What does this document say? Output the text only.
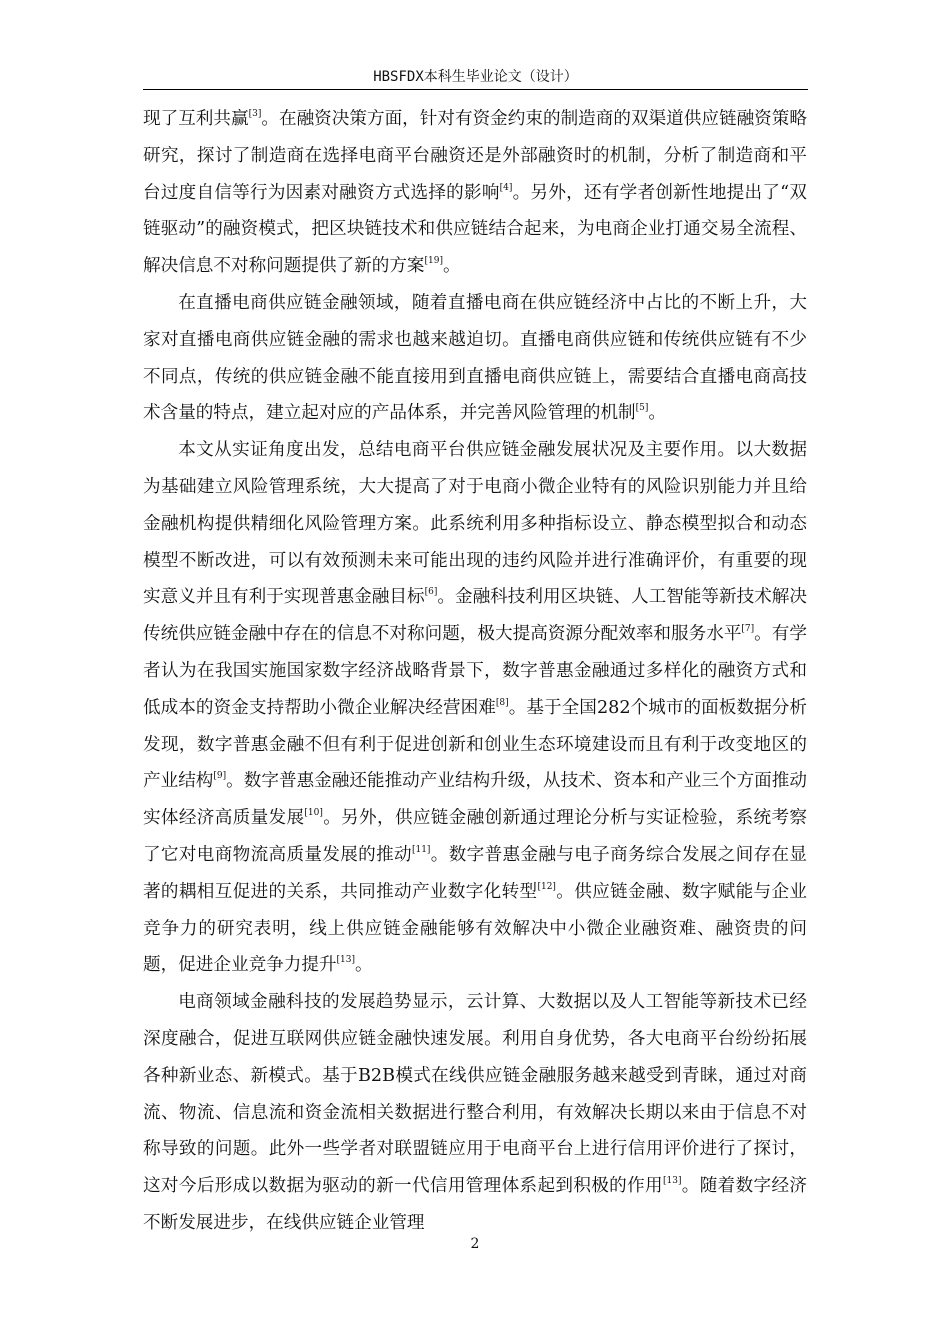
HBSFDX本科生毕业论文（设计）

现了互利共赢[3]。在融资决策方面，针对有资金约束的制造商的双渠道供应链融资策略研究，探讨了制造商在选择电商平台融资还是外部融资时的机制，分析了制造商和平台过度自信等行为因素对融资方式选择的影响[4]。另外，还有学者创新性地提出了“双链驱动”的融资模式，把区块链技术和供应链结合起来，为电商企业打通交易全流程、解决信息不对称问题提供了新的方案[19]。

在直播电商供应链金融领域，随着直播电商在供应链经济中占比的不断上升，大家对直播电商供应链金融的需求也越来越迫切。直播电商供应链和传统供应链有不少不同点，传统的供应链金融不能直接用到直播电商供应链上，需要结合直播电商高技术含量的特点，建立起对应的产品体系，并完善风险管理的机制[5]。

本文从实证角度出发，总结电商平台供应链金融发展状况及主要作用。以大数据为基础建立风险管理系统，大大提高了对于电商小微企业特有的风险识别能力并且给金融机构提供精细化风险管理方案。此系统利用多种指标设立、静态模型拟合和动态模型不断改进，可以有效预测未来可能出现的违约风险并进行准确评价，有重要的现实意义并且有利于实现普惠金融目标[6]。金融科技利用区块链、人工智能等新技术解决传统供应链金融中存在的信息不对称问题，极大提高资源分配效率和服务水平[7]。有学者认为在我国实施国家数字经济战略背景下，数字普惠金融通过多样化的融资方式和低成本的资金支持帮助小微企业解决经营困难[8]。基于全国282个城市的面板数据分析发现，数字普惠金融不但有利于促进创新和创业生态环境建设而且有利于改变地区的产业结构[9]。数字普惠金融还能推动产业结构升级，从技术、资本和产业三个方面推动实体经济高质量发展[10]。另外，供应链金融创新通过理论分析与实证检验，系统考察了它对电商物流高质量发展的推动[11]。数字普惠金融与电子商务综合发展之间存在显著的耦相互促进的关系，共同推动产业数字化转型[12]。供应链金融、数字赋能与企业竞争力的研究表明，线上供应链金融能够有效解决中小微企业融资难、融资贵的问题，促进企业竞争力提升[13]。

电商领域金融科技的发展趋势显示，云计算、大数据以及人工智能等新技术已经深度融合，促进互联网供应链金融快速发展。利用自身优势，各大电商平台纷纷拓展各种新业态、新模式。基于B2B模式在线供应链金融服务越来越受到青睐，通过对商流、物流、信息流和资金流相关数据进行整合利用，有效解决长期以来由于信息不对称导致的问题。此外一些学者对联盟链应用于电商平台上进行信用评价进行了探讨，这对今后形成以数据为驱动的新一代信用管理体系起到积极的作用[13]。随着数字经济不断发展进步，在线供应链企业管理

2
